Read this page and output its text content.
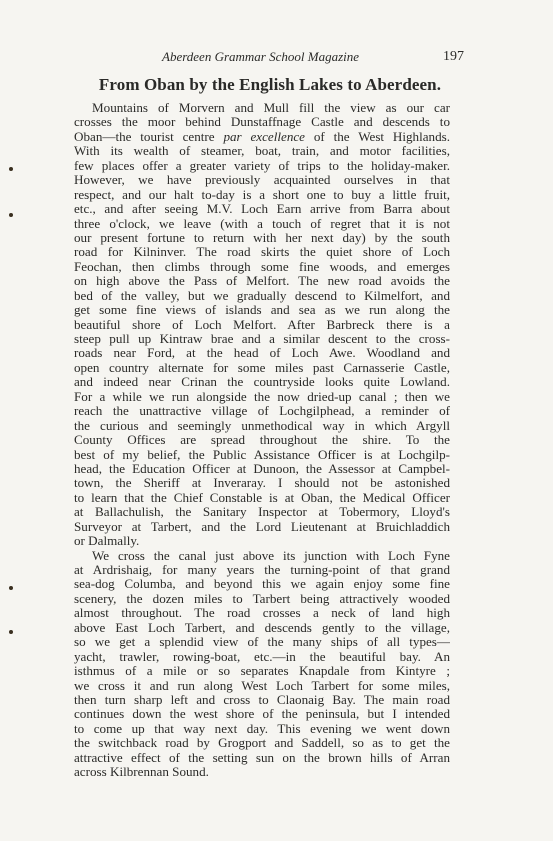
Aberdeen Grammar School Magazine	197
From Oban by the English Lakes to Aberdeen.
Mountains of Morvern and Mull fill the view as our car
crosses the moor behind Dunstaffnage Castle and descends to
Oban—the tourist centre par excellence of the West Highlands.
With its wealth of steamer, boat, train, and motor facilities,
few places offer a greater variety of trips to the holiday-maker.
However, we have previously acquainted ourselves in that
respect, and our halt to-day is a short one to buy a little fruit,
etc., and after seeing M.V. Loch Earn arrive from Barra about
three o'clock, we leave (with a touch of regret that it is not
our present fortune to return with her next day) by the south
road for Kilninver. The road skirts the quiet shore of Loch
Feochan, then climbs through some fine woods, and emerges
on high above the Pass of Melfort. The new road avoids the
bed of the valley, but we gradually descend to Kilmelfort, and
get some fine views of islands and sea as we run along the
beautiful shore of Loch Melfort. After Barbreck there is a
steep pull up Kintraw brae and a similar descent to the cross-
roads near Ford, at the head of Loch Awe. Woodland and
open country alternate for some miles past Carnasserie Castle,
and indeed near Crinan the countryside looks quite Lowland.
For a while we run alongside the now dried-up canal ; then we
reach the unattractive village of Lochgilphead, a reminder of
the curious and seemingly unmethodical way in which Argyll
County Offices are spread throughout the shire. To the
best of my belief, the Public Assistance Officer is at Lochgilp-
head, the Education Officer at Dunoon, the Assessor at Campbel-
town, the Sheriff at Inveraray. I should not be astonished
to learn that the Chief Constable is at Oban, the Medical Officer
at Ballachulish, the Sanitary Inspector at Tobermory, Lloyd's
Surveyor at Tarbert, and the Lord Lieutenant at Bruichladdich
or Dalmally.
We cross the canal just above its junction with Loch Fyne
at Ardrishaig, for many years the turning-point of that grand
sea-dog Columba, and beyond this we again enjoy some fine
scenery, the dozen miles to Tarbert being attractively wooded
almost throughout. The road crosses a neck of land high
above East Loch Tarbert, and descends gently to the village,
so we get a splendid view of the many ships of all types—
yacht, trawler, rowing-boat, etc.—in the beautiful bay. An
isthmus of a mile or so separates Knapdale from Kintyre ;
we cross it and run along West Loch Tarbert for some miles,
then turn sharp left and cross to Claonaig Bay. The main road
continues down the west shore of the peninsula, but I intended
to come up that way next day. This evening we went down
the switchback road by Grogport and Saddell, so as to get the
attractive effect of the setting sun on the brown hills of Arran
across Kilbrennan Sound.
